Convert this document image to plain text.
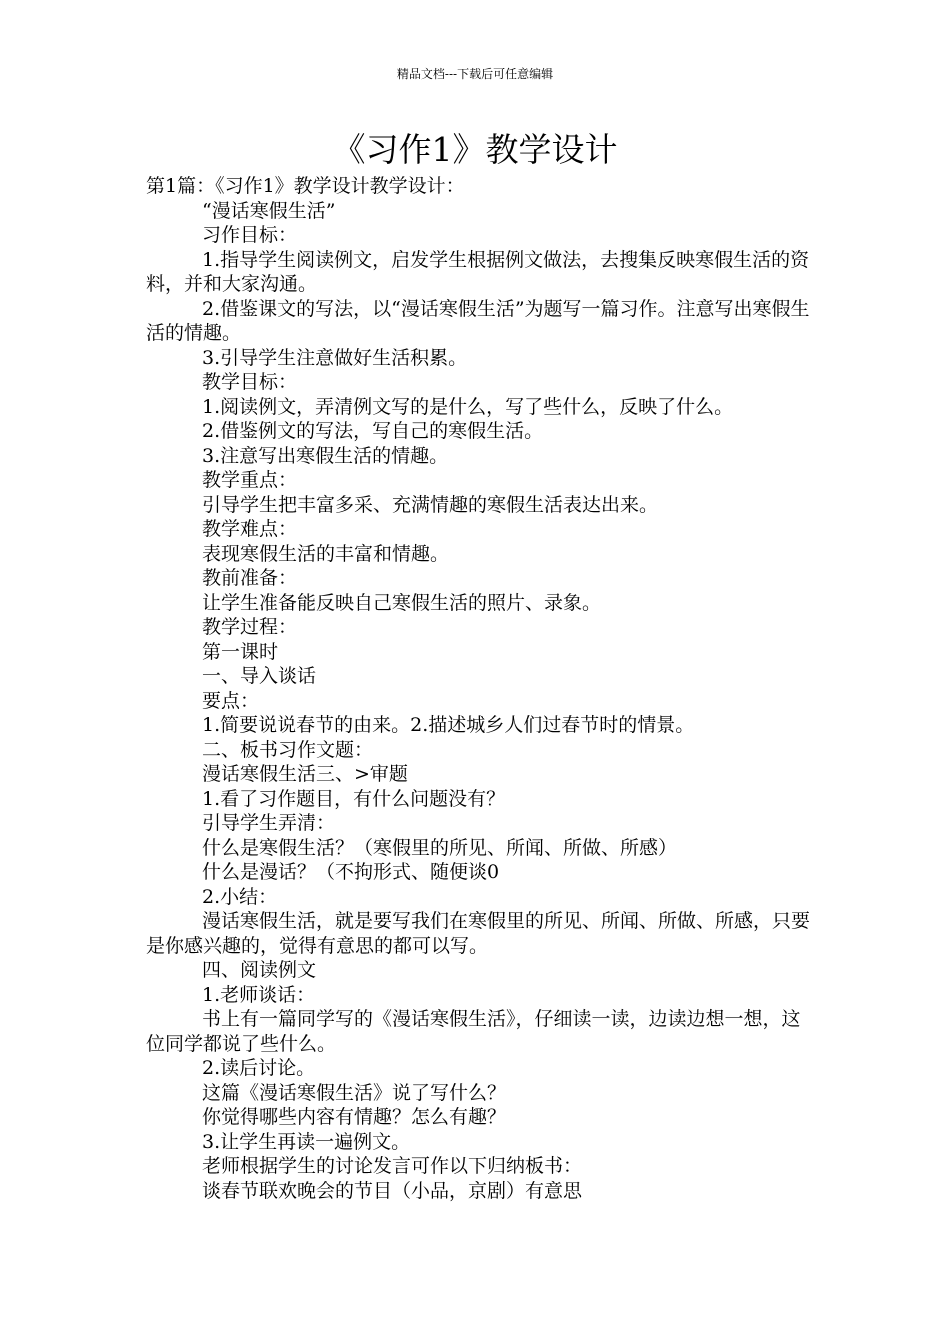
精品文档---下载后可任意编辑
《习作1》教学设计

第1篇：《习作1》教学设计教学设计：

“漫话寒假生活”

习作目标：

1.指导学生阅读例文，启发学生根据例文做法，去搜集反映寒假生活的资料，并和大家沟通。

2.借鉴课文的写法，以“漫话寒假生活”为题写一篇习作。注意写出寒假生活的情趣。

3.引导学生注意做好生活积累。

教学目标：

1.阅读例文，弄清例文写的是什么，写了些什么，反映了什么。

2.借鉴例文的写法，写自己的寒假生活。

3.注意写出寒假生活的情趣。

教学重点：

引导学生把丰富多采、充满情趣的寒假生活表达出来。

教学难点：

表现寒假生活的丰富和情趣。

教前准备：

让学生准备能反映自己寒假生活的照片、录象。

教学过程：

第一课时

一、导入谈话

要点：

1.简要说说春节的由来。2.描述城乡人们过春节时的情景。

二、板书习作文题：

漫话寒假生活三、>审题

1.看了习作题目，有什么问题没有？

引导学生弄清：

什么是寒假生活？（寒假里的所见、所闻、所做、所感）

什么是漫话？（不拘形式、随便谈0

2.小结：

漫话寒假生活，就是要写我们在寒假里的所见、所闻、所做、所感，只要是你感兴趣的，觉得有意思的都可以写。

四、阅读例文

1.老师谈话：

书上有一篇同学写的《漫话寒假生活》，仔细读一读，边读边想一想，这位同学都说了些什么。

2.读后讨论。

这篇《漫话寒假生活》说了写什么？

你觉得哪些内容有情趣？怎么有趣？

3.让学生再读一遍例文。

老师根据学生的讨论发言可作以下归纳板书：

谈春节联欢晚会的节目（小品，京剧）有意思
